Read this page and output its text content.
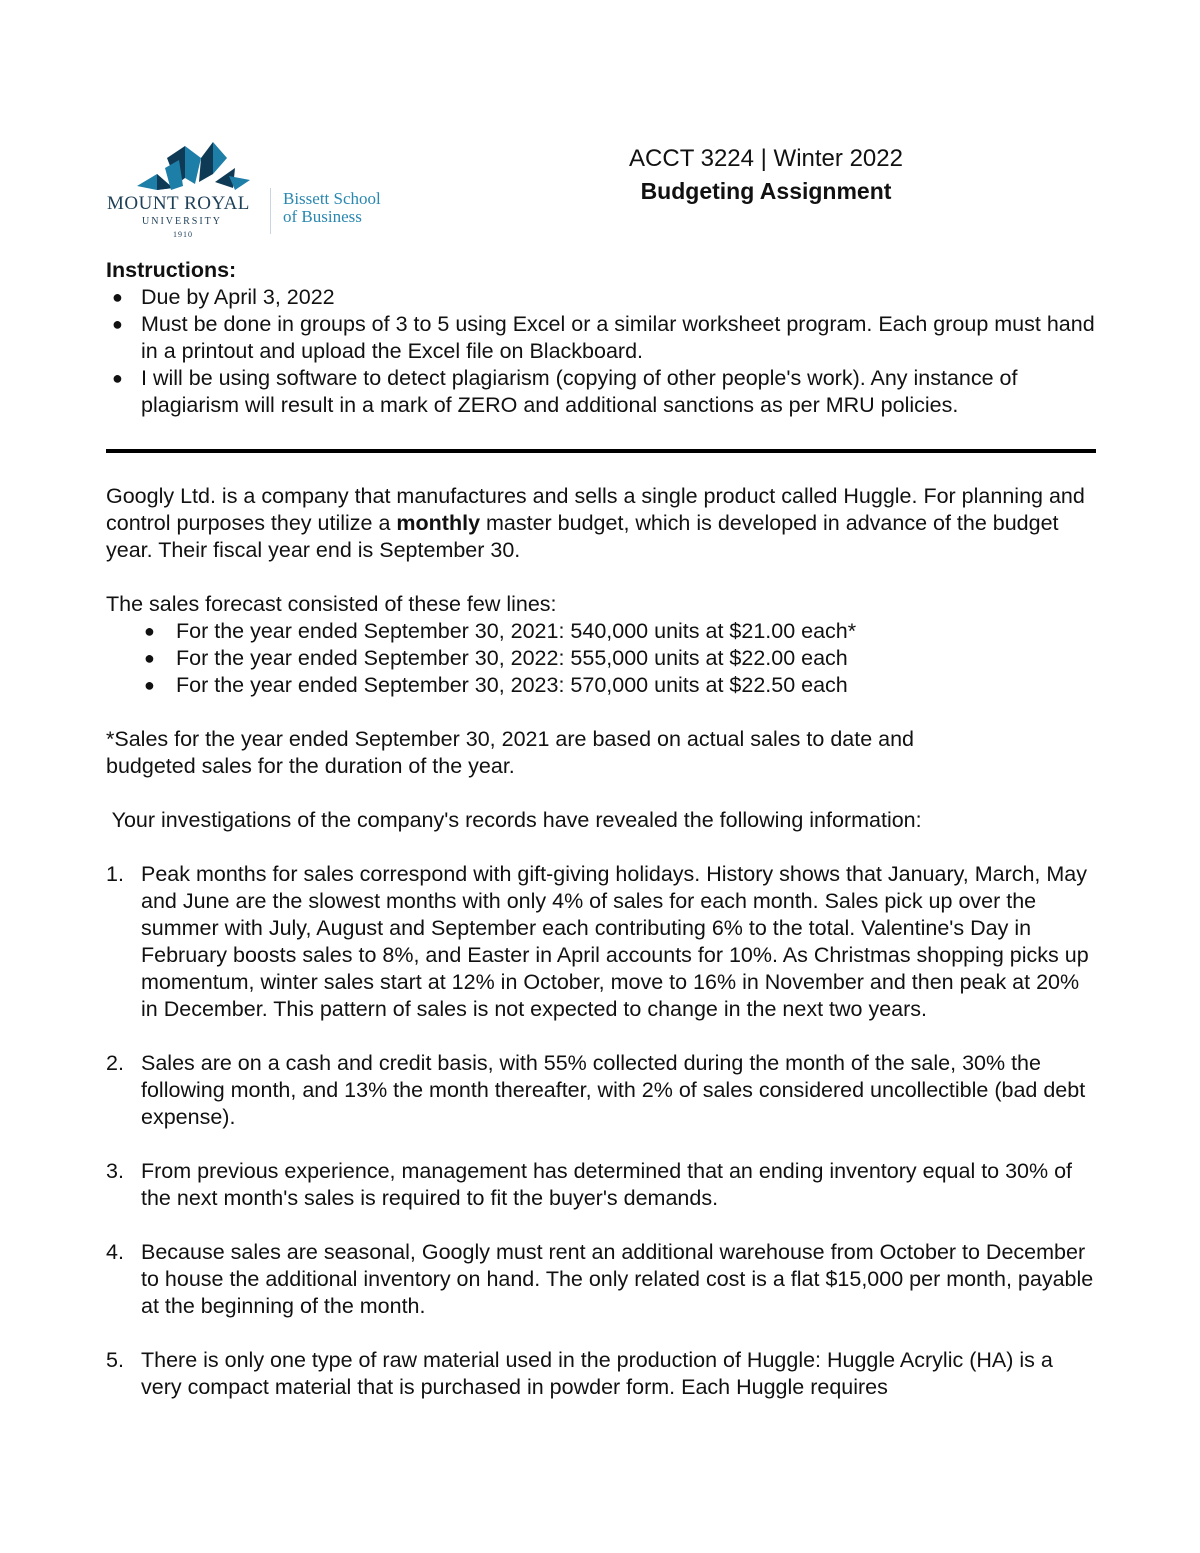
MOUNT ROYAL
UNIVERSITY
1910
Bissett School
of Business
ACCT 3224 | Winter 2022
Budgeting Assignment
Instructions:
● Due by April 3, 2022
● Must be done in groups of 3 to 5 using Excel or a similar worksheet program. Each group must hand in a printout and upload the Excel file on Blackboard.
● I will be using software to detect plagiarism (copying of other people's work). Any instance of plagiarism will result in a mark of ZERO and additional sanctions as per MRU policies.

Googly Ltd. is a company that manufactures and sells a single product called Huggle. For planning and control purposes they utilize a monthly master budget, which is developed in advance of the budget year. Their fiscal year end is September 30.

The sales forecast consisted of these few lines:

● For the year ended September 30, 2021: 540,000 units at $21.00 each*
● For the year ended September 30, 2022: 555,000 units at $22.00 each
● For the year ended September 30, 2023: 570,000 units at $22.50 each

*Sales for the year ended September 30, 2021 are based on actual sales to date and budgeted sales for the duration of the year.

Your investigations of the company's records have revealed the following information:

1. Peak months for sales correspond with gift-giving holidays. History shows that January, March, May and June are the slowest months with only 4% of sales for each month. Sales pick up over the summer with July, August and September each contributing 6% to the total. Valentine's Day in February boosts sales to 8%, and Easter in April accounts for 10%. As Christmas shopping picks up momentum, winter sales start at 12% in October, move to 16% in November and then peak at 20% in December. This pattern of sales is not expected to change in the next two years.
2. Sales are on a cash and credit basis, with 55% collected during the month of the sale, 30% the following month, and 13% the month thereafter, with 2% of sales considered uncollectible (bad debt expense).
3. From previous experience, management has determined that an ending inventory equal to 30% of the next month's sales is required to fit the buyer's demands.
4. Because sales are seasonal, Googly must rent an additional warehouse from October to December to house the additional inventory on hand. The only related cost is a flat $15,000 per month, payable at the beginning of the month.
5. There is only one type of raw material used in the production of Huggle: Huggle Acrylic (HA) is a very compact material that is purchased in powder form. Each Huggle requires
